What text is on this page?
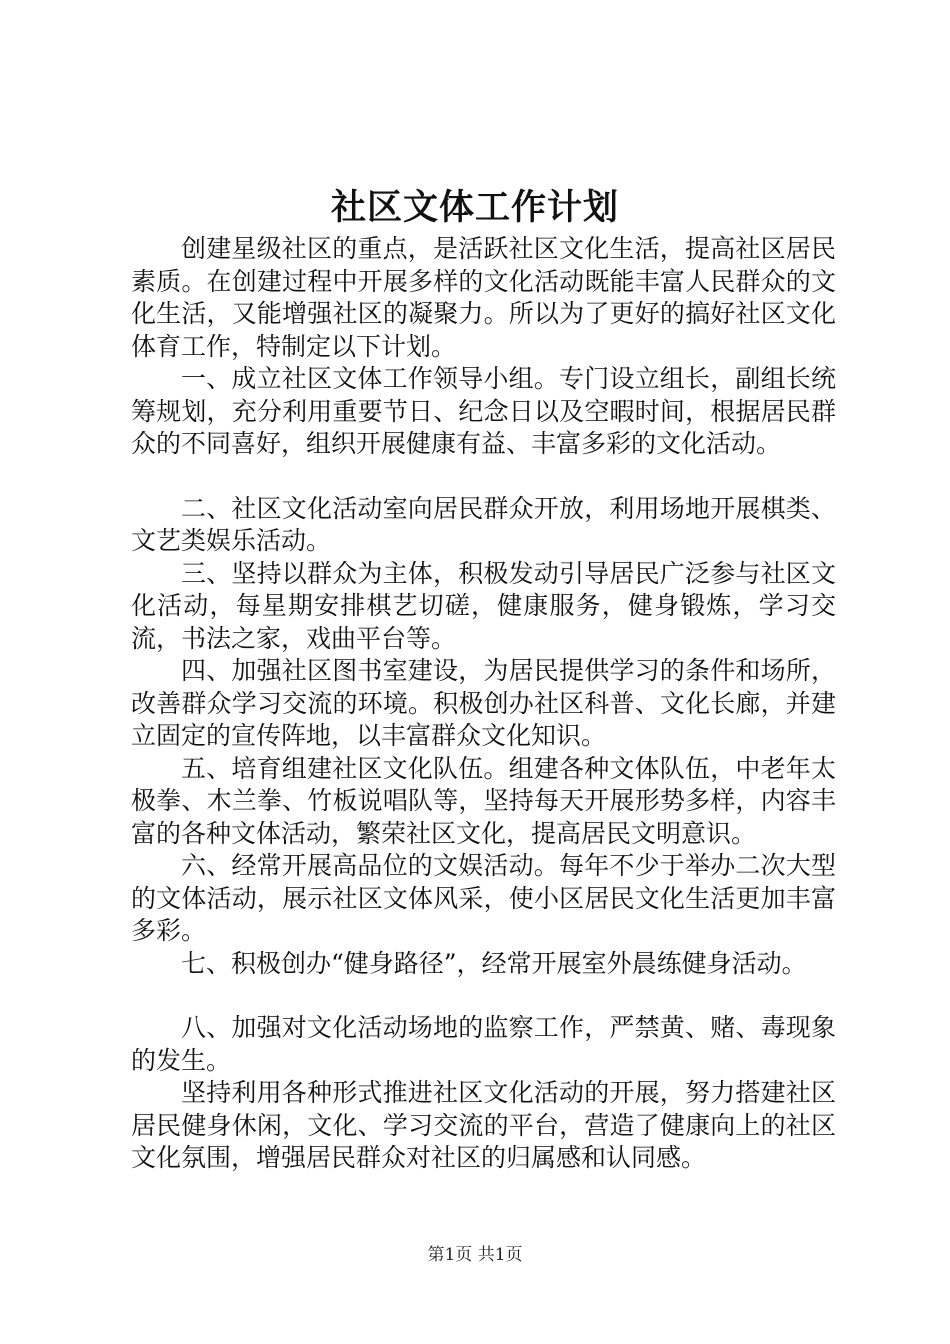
社区文体工作计划

创建星级社区的重点，是活跃社区文化生活，提高社区居民素质。在创建过程中开展多样的文化活动既能丰富人民群众的文化生活，又能增强社区的凝聚力。所以为了更好的搞好社区文化体育工作，特制定以下计划。

一、成立社区文体工作领导小组。专门设立组长，副组长统筹规划，充分利用重要节日、纪念日以及空暇时间，根据居民群众的不同喜好，组织开展健康有益、丰富多彩的文化活动。

二、社区文化活动室向居民群众开放，利用场地开展棋类、文艺类娱乐活动。

三、坚持以群众为主体，积极发动引导居民广泛参与社区文化活动，每星期安排棋艺切磋，健康服务，健身锻炼，学习交流，书法之家，戏曲平台等。

四、加强社区图书室建设，为居民提供学习的条件和场所，改善群众学习交流的环境。积极创办社区科普、文化长廊，并建立固定的宣传阵地，以丰富群众文化知识。

五、培育组建社区文化队伍。组建各种文体队伍，中老年太极拳、木兰拳、竹板说唱队等，坚持每天开展形势多样，内容丰富的各种文体活动，繁荣社区文化，提高居民文明意识。

六、经常开展高品位的文娱活动。每年不少于举办二次大型的文体活动，展示社区文体风采，使小区居民文化生活更加丰富多彩。

七、积极创办“健身路径”，经常开展室外晨练健身活动。

八、加强对文化活动场地的监察工作，严禁黄、赌、毒现象的发生。

坚持利用各种形式推进社区文化活动的开展，努力搭建社区居民健身休闲，文化、学习交流的平台，营造了健康向上的社区文化氛围，增强居民群众对社区的归属感和认同感。

第1页 共1页
